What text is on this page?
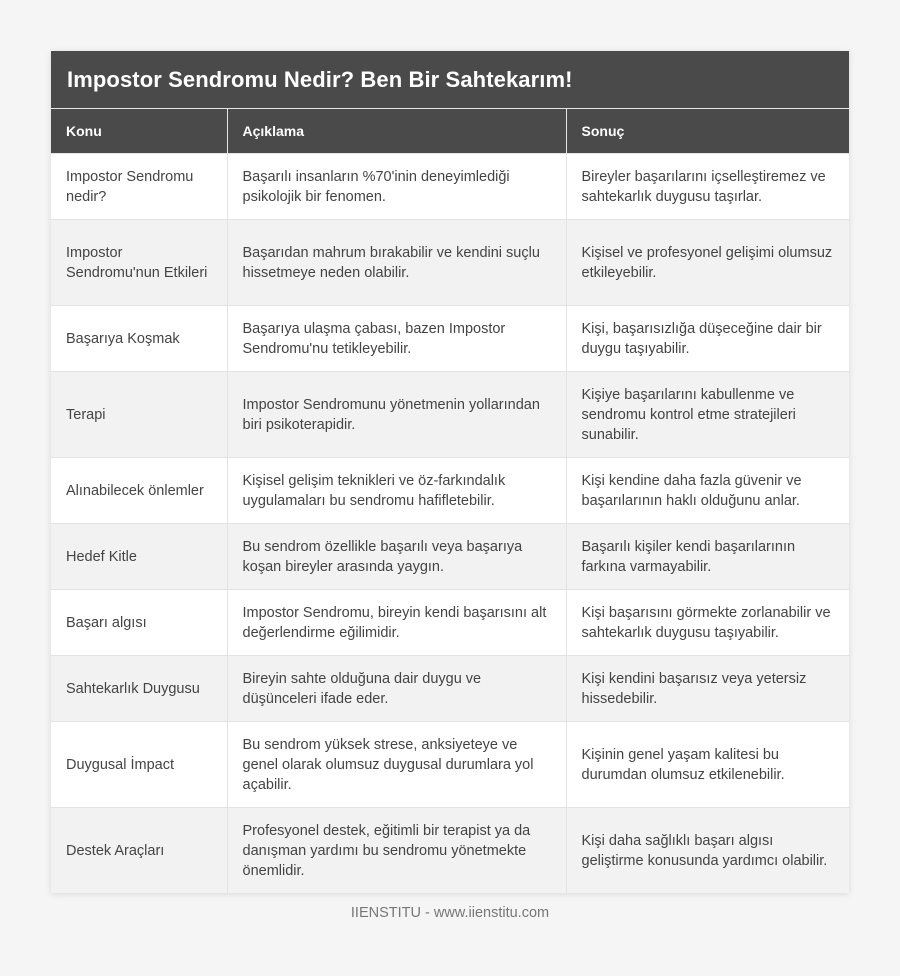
Impostor Sendromu Nedir? Ben Bir Sahtekarım!
Konu	Açıklama	Sonuç
Impostor Sendromu nedir?	Başarılı insanların %70'inin deneyimlediği psikolojik bir fenomen.	Bireyler başarılarını içselleştiremez ve sahtekarlık duygusu taşırlar.
Impostor Sendromu'nun Etkileri	Başarıdan mahrum bırakabilir ve kendini suçlu hissetmeye neden olabilir.	Kişisel ve profesyonel gelişimi olumsuz etkileyebilir.
Başarıya Koşmak	Başarıya ulaşma çabası, bazen Impostor Sendromu'nu tetikleyebilir.	Kişi, başarısızlığa düşeceğine dair bir duygu taşıyabilir.
Terapi	Impostor Sendromunu yönetmenin yollarından biri psikoterapidir.	Kişiye başarılarını kabullenme ve sendromu kontrol etme stratejileri sunabilir.
Alınabilecek önlemler	Kişisel gelişim teknikleri ve öz-farkındalık uygulamaları bu sendromu hafifletebilir.	Kişi kendine daha fazla güvenir ve başarılarının haklı olduğunu anlar.
Hedef Kitle	Bu sendrom özellikle başarılı veya başarıya koşan bireyler arasında yaygın.	Başarılı kişiler kendi başarılarının farkına varmayabilir.
Başarı algısı	Impostor Sendromu, bireyin kendi başarısını alt değerlendirme eğilimidir.	Kişi başarısını görmekte zorlanabilir ve sahtekarlık duygusu taşıyabilir.
Sahtekarlık Duygusu	Bireyin sahte olduğuna dair duygu ve düşünceleri ifade eder.	Kişi kendini başarısız veya yetersiz hissedebilir.
Duygusal İmpact	Bu sendrom yüksek strese, anksiyeteye ve genel olarak olumsuz duygusal durumlara yol açabilir.	Kişinin genel yaşam kalitesi bu durumdan olumsuz etkilenebilir.
Destek Araçları	Profesyonel destek, eğitimli bir terapist ya da danışman yardımı bu sendromu yönetmekte önemlidir.	Kişi daha sağlıklı başarı algısı geliştirme konusunda yardımcı olabilir.
IIENSTITU - www.iienstitu.com
